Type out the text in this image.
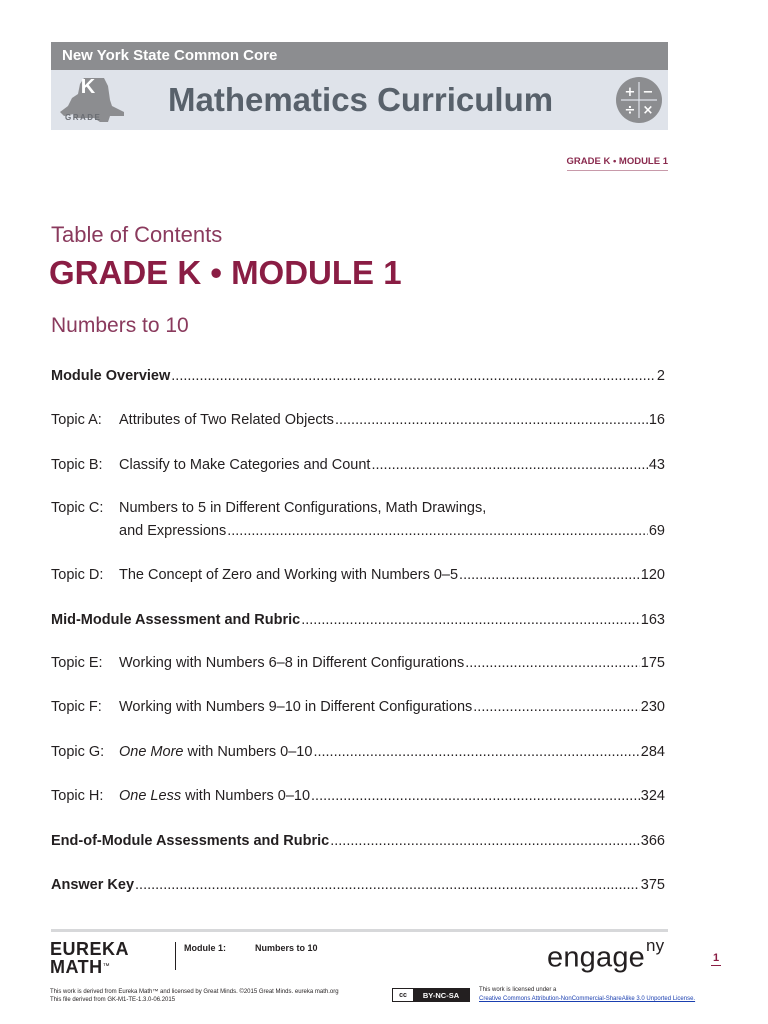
New York State Common Core
K
GRADE Mathematics Curriculum	+ −
÷ ×
GRADE K • MODULE 1
Table of Contents
GRADE K • MODULE 1
Numbers to 10
Module Overview .....	2
Topic A:	Attributes of Two Related Objects .....	16
Topic B:	Classify to Make Categories and Count .....	43
Topic C:	Numbers to 5 in Different Configurations, Math Drawings,
and Expressions .....	69
Topic D:	The Concept of Zero and Working with Numbers 0–5 .....	120
Mid-Module Assessment and Rubric .....	163
Topic E:	Working with Numbers 6–8 in Different Configurations .....	175
Topic F:	Working with Numbers 9–10 in Different Configurations .....	230
Topic G:	One More with Numbers 0–10 .....	284
Topic H:	One Less with Numbers 0–10 .....	324
End-of-Module Assessments and Rubric .....	366
Answer Key .....	375
EUREKA
MATH™
Module 1:	Numbers to 10	engage$^{ny}$
1
This work is derived from Eureka Math™ and licensed by Great Minds. ©2015 Great Minds. eureka math.org
This file derived from GK-M1-TE-1.3.0-06.2015
cc	BY-NC-SA
This work is licensed under a
Creative Commons Attribution-NonCommercial-ShareAlike 3.0 Unported License.
